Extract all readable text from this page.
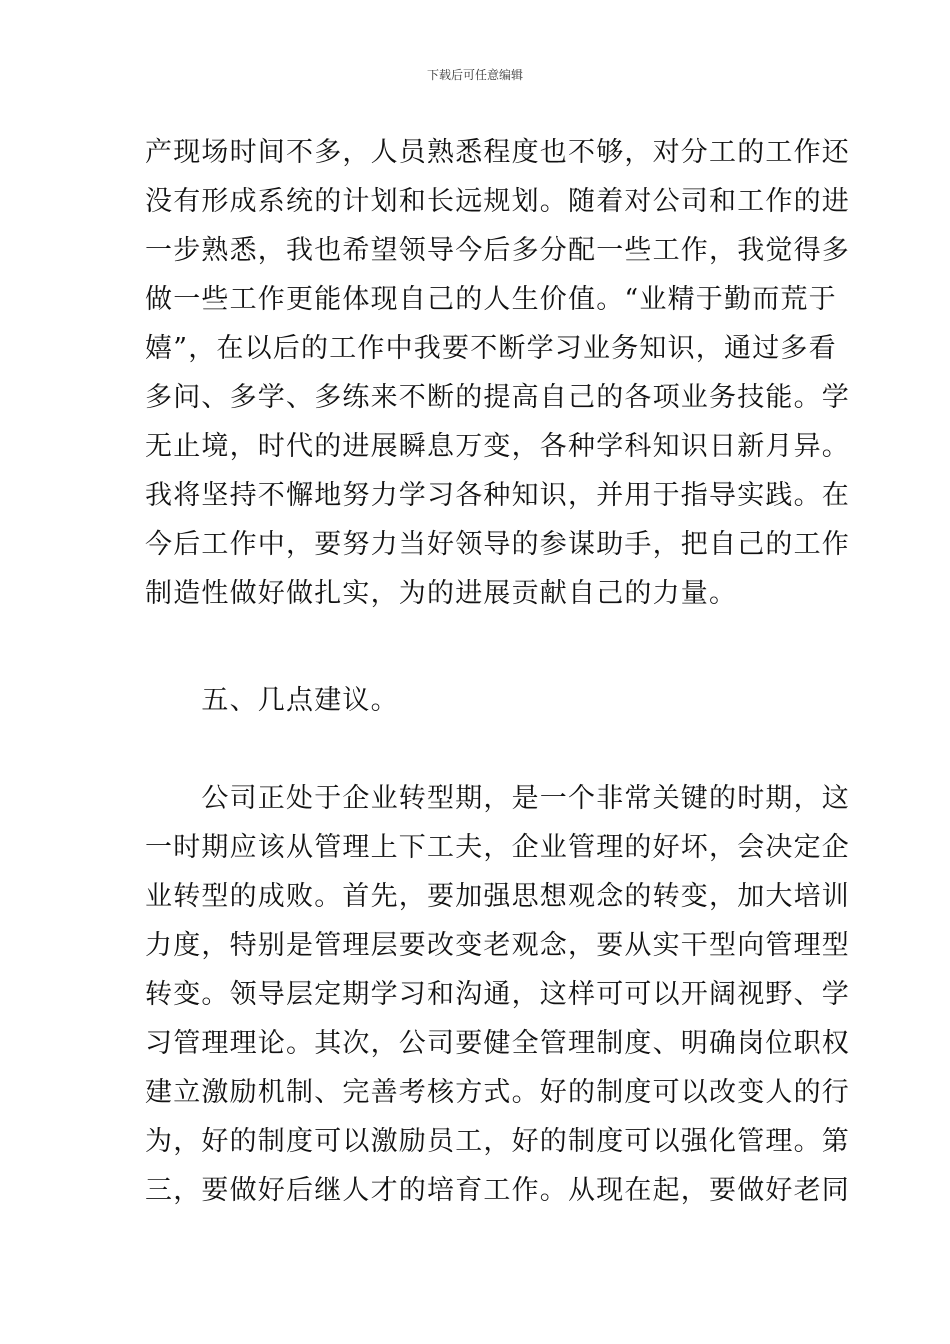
下载后可任意编辑
产现场时间不多，人员熟悉程度也不够，对分工的工作还
没有形成系统的计划和长远规划。随着对公司和工作的进
一步熟悉，我也希望领导今后多分配一些工作，我觉得多
做一些工作更能体现自己的人生价值。“业精于勤而荒于
嬉”，在以后的工作中我要不断学习业务知识，通过多看
多问、多学、多练来不断的提高自己的各项业务技能。学
无止境，时代的进展瞬息万变，各种学科知识日新月异。
我将坚持不懈地努力学习各种知识，并用于指导实践。在
今后工作中，要努力当好领导的参谋助手，把自己的工作
制造性做好做扎实，为的进展贡献自己的力量。
　　五、几点建议。
　　公司正处于企业转型期，是一个非常关键的时期，这
一时期应该从管理上下工夫，企业管理的好坏，会决定企
业转型的成败。首先，要加强思想观念的转变，加大培训
力度，特别是管理层要改变老观念，要从实干型向管理型
转变。领导层定期学习和沟通，这样可可以开阔视野、学
习管理理论。其次，公司要健全管理制度、明确岗位职权
建立激励机制、完善考核方式。好的制度可以改变人的行
为，好的制度可以激励员工，好的制度可以强化管理。第
三，要做好后继人才的培育工作。从现在起，要做好老同
